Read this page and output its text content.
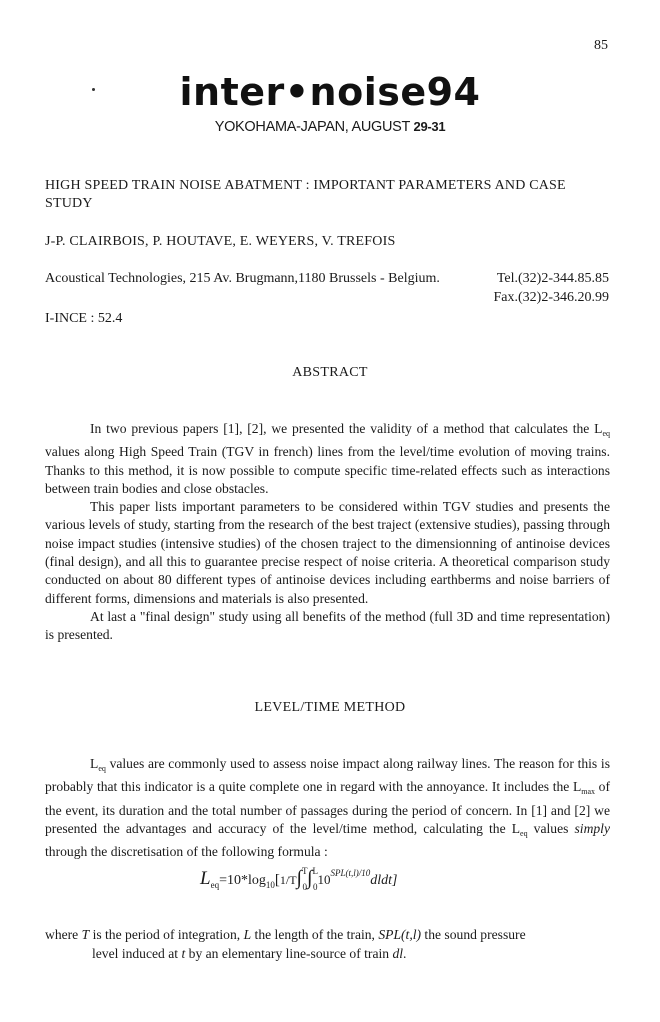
85
inter•noise94
YOKOHAMA-JAPAN, AUGUST 29-31
HIGH SPEED TRAIN NOISE ABATMENT : IMPORTANT PARAMETERS AND CASE STUDY
J-P. CLAIRBOIS, P. HOUTAVE, E. WEYERS, V. TREFOIS
Acoustical Technologies, 215 Av. Brugmann,1180 Brussels - Belgium.	Tel.(32)2-344.85.85
Fax.(32)2-346.20.99
I-INCE : 52.4
ABSTRACT

In two previous papers [1], [2], we presented the validity of a method that calculates the $L_{eq}$ values along High Speed Train (TGV in french) lines from the level/time evolution of moving trains. Thanks to this method, it is now possible to compute specific time-related effects such as interactions between train bodies and close obstacles.

This paper lists important parameters to be considered within TGV studies and presents the various levels of study, starting from the research of the best traject (extensive studies), passing through noise impact studies (intensive studies) of the chosen traject to the dimensionning of antinoise devices (final design), and all this to guarantee precise respect of noise criteria. A theoretical comparison study conducted on about 80 different types of antinoise devices including earthberms and noise barriers of different forms, dimensions and materials is also presented.

At last a "final design" study using all benefits of the method (full 3D and time representation) is presented.

LEVEL/TIME METHOD

$L_{eq}$ values are commonly used to assess noise impact along railway lines. The reason for this is probably that this indicator is a quite complete one in regard with the annoyance. It includes the $L_{max}$ of the event, its duration and the total number of passages during the period of concern. In [1] and [2] we presented the advantages and accuracy of the level/time method, calculating the $L_{eq}$ values simply through the discretisation of the following formula :

$L_{eq}=10*\log_{10}[1/T\int^T_0\int^L_010^{SPL(t,l)/10}dldt]$
where T is the period of integration, L the length of the train, SPL(t,l) the sound pressure
level induced at t by an elementary line-source of train dl.
